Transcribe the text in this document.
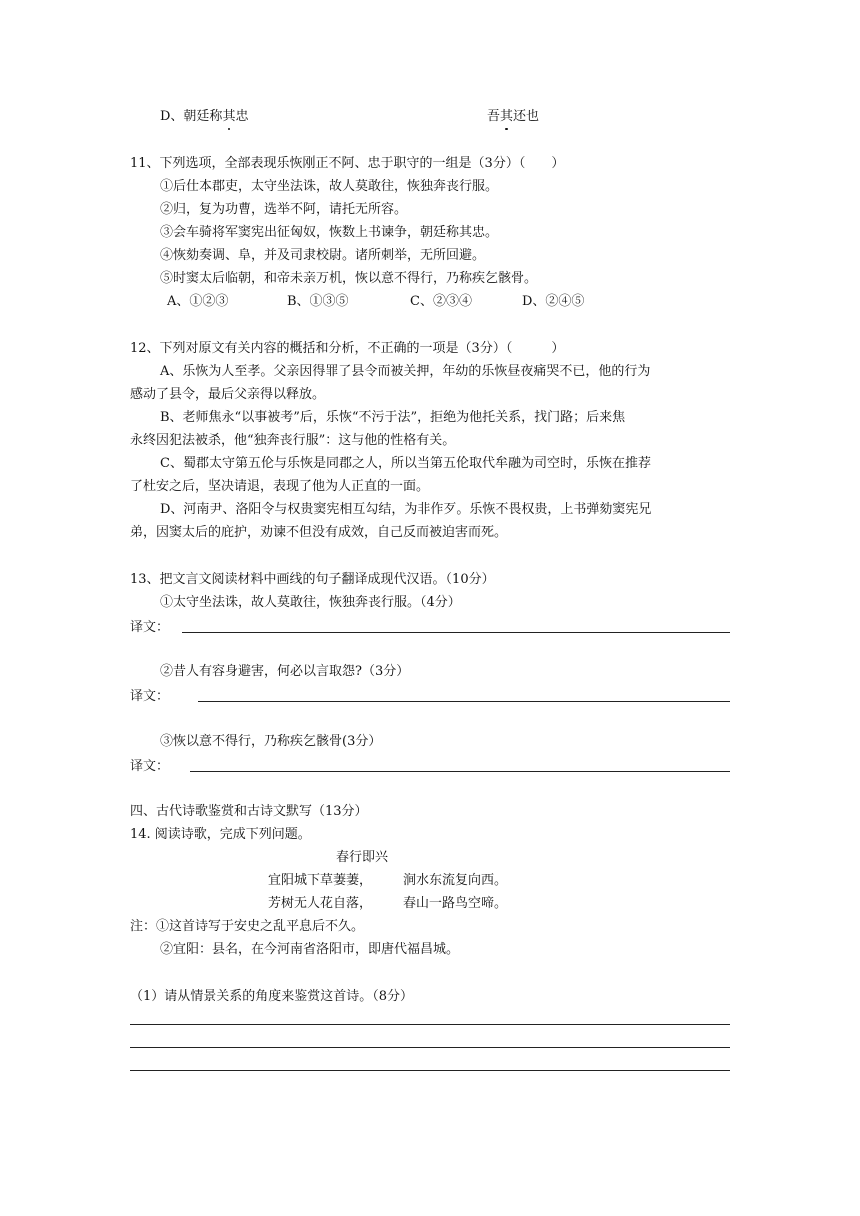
D、朝廷称其忠	吾其还也
11、下列选项，全部表现乐恢刚正不阿、忠于职守的一组是（3分）（　　）
①后仕本郡吏，太守坐法诛，故人莫敢往，恢独奔丧行服。
②归，复为功曹，选举不阿，请托无所容。
③会车骑将军窦宪出征匈奴，恢数上书谏争，朝廷称其忠。
④恢劾奏调、阜，并及司隶校尉。诸所刺举，无所回避。
⑤时窦太后临朝，和帝未亲万机，恢以意不得行，乃称疾乞骸骨。
A、①②③	B、①③⑤	C、②③④	D、②④⑤
12、下列对原文有关内容的概括和分析，不正确的一项是（3分）（　　　）
A、乐恢为人至孝。父亲因得罪了县令而被关押，年幼的乐恢昼夜痛哭不已，他的行为
感动了县令，最后父亲得以释放。
B、老师焦永“以事被考”后，乐恢“不污于法”，拒绝为他托关系，找门路；后来焦
永终因犯法被杀，他“独奔丧行服”：这与他的性格有关。
C、蜀郡太守第五伦与乐恢是同郡之人，所以当第五伦取代牟融为司空时，乐恢在推荐
了杜安之后，坚决请退，表现了他为人正直的一面。
D、河南尹、洛阳令与权贵窦宪相互勾结，为非作歹。乐恢不畏权贵，上书弹劾窦宪兄
弟，因窦太后的庇护，劝谏不但没有成效，自己反而被迫害而死。
13、把文言文阅读材料中画线的句子翻译成现代汉语。（10分）
①太守坐法诛，故人莫敢往，恢独奔丧行服。（4分）
译文：
②昔人有容身避害，何必以言取怨?（3分）
译文：
③恢以意不得行，乃称疾乞骸骨(3分）
译文：
四、古代诗歌鉴赏和古诗文默写（13分）
14. 阅读诗歌，完成下列问题。
春行即兴
宜阳城下草萋萋， 涧水东流复向西。
芳树无人花自落， 春山一路鸟空啼。
注：①这首诗写于安史之乱平息后不久。
②宜阳：县名，在今河南省洛阳市，即唐代福昌城。
（1）请从情景关系的角度来鉴赏这首诗。（8分）
